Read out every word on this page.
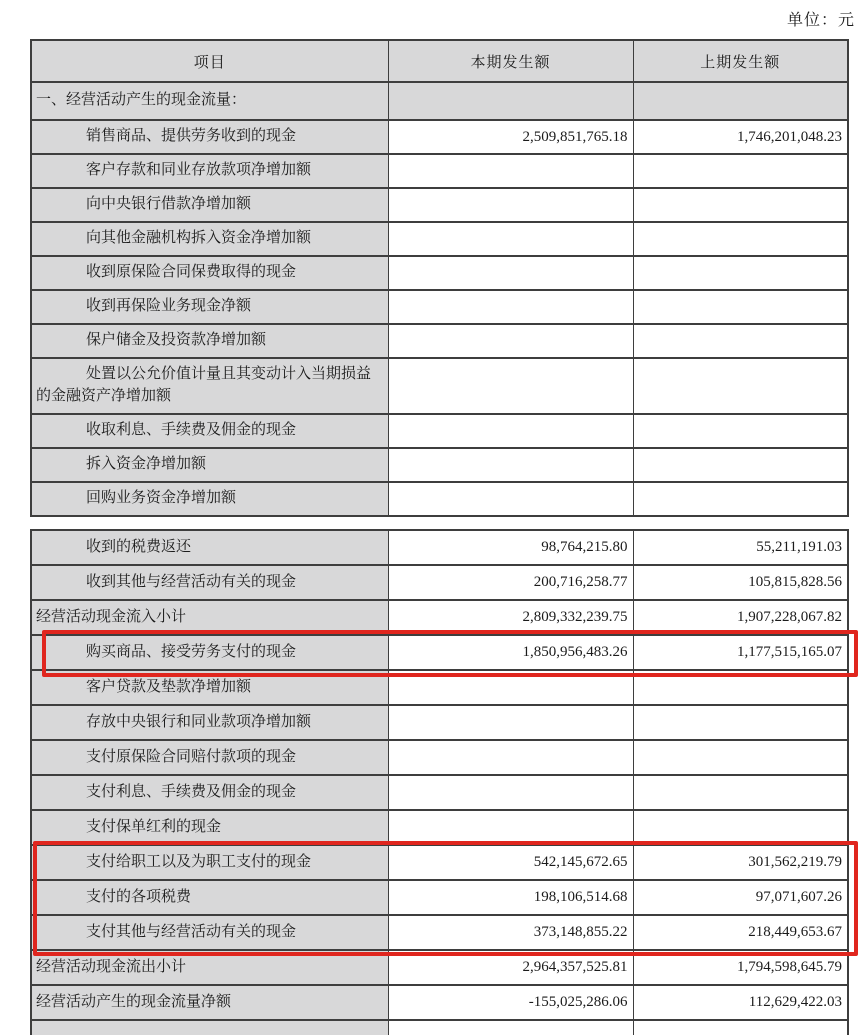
单位：元
项目	本期发生额	上期发生额
一、经营活动产生的现金流量：		
销售商品、提供劳务收到的现金	2,509,851,765.18	1,746,201,048.23
客户存款和同业存放款项净增加额		
向中央银行借款净增加额		
向其他金融机构拆入资金净增加额		
收到原保险合同保费取得的现金		
收到再保险业务现金净额		
保户储金及投资款净增加额		
处置以公允价值计量且其变动计入当期损益的金融资产净增加额		
收取利息、手续费及佣金的现金		
拆入资金净增加额		
回购业务资金净增加额		
收到的税费返还	98,764,215.80	55,211,191.03
收到其他与经营活动有关的现金	200,716,258.77	105,815,828.56
经营活动现金流入小计	2,809,332,239.75	1,907,228,067.82
购买商品、接受劳务支付的现金	1,850,956,483.26	1,177,515,165.07
客户贷款及垫款净增加额		
存放中央银行和同业款项净增加额		
支付原保险合同赔付款项的现金		
支付利息、手续费及佣金的现金		
支付保单红利的现金		
支付给职工以及为职工支付的现金	542,145,672.65	301,562,219.79
支付的各项税费	198,106,514.68	97,071,607.26
支付其他与经营活动有关的现金	373,148,855.22	218,449,653.67
经营活动现金流出小计	2,964,357,525.81	1,794,598,645.79
经营活动产生的现金流量净额	-155,025,286.06	112,629,422.03
